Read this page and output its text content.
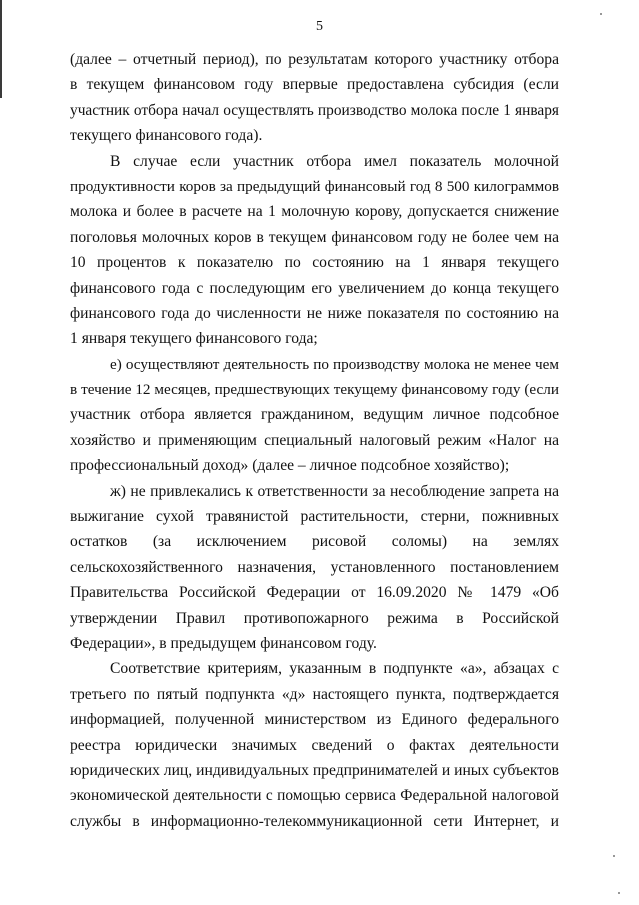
5
(далее – отчетный период), по результатам которого участнику отбора
в текущем финансовом году впервые предоставлена субсидия (если
участник отбора начал осуществлять производство молока после 1 января
текущего финансового года).
В случае если участник отбора имел показатель молочной
продуктивности коров за предыдущий финансовый год 8 500 килограммов
молока и более в расчете на 1 молочную корову, допускается снижение
поголовья молочных коров в текущем финансовом году не более чем на
10 процентов к показателю по состоянию на 1 января текущего
финансового года с последующим его увеличением до конца текущего
финансового года до численности не ниже показателя по состоянию на
1 января текущего финансового года;
е) осуществляют деятельность по производству молока не менее чем
в течение 12 месяцев, предшествующих текущему финансовому году (если
участник отбора является гражданином, ведущим личное подсобное
хозяйство и применяющим специальный налоговый режим «Налог на
профессиональный доход» (далее – личное подсобное хозяйство);
ж) не привлекались к ответственности за несоблюдение запрета на
выжигание сухой травянистой растительности, стерни, пожнивных
остатков (за исключением рисовой соломы) на землях
сельскохозяйственного назначения, установленного постановлением
Правительства Российской Федерации от 16.09.2020 № 1479 «Об
утверждении Правил противопожарного режима в Российской
Федерации», в предыдущем финансовом году.
Соответствие критериям, указанным в подпункте «а», абзацах с
третьего по пятый подпункта «д» настоящего пункта, подтверждается
информацией, полученной министерством из Единого федерального
реестра юридически значимых сведений о фактах деятельности
юридических лиц, индивидуальных предпринимателей и иных субъектов
экономической деятельности с помощью сервиса Федеральной налоговой
службы в информационно-телекоммуникационной сети Интернет, и
